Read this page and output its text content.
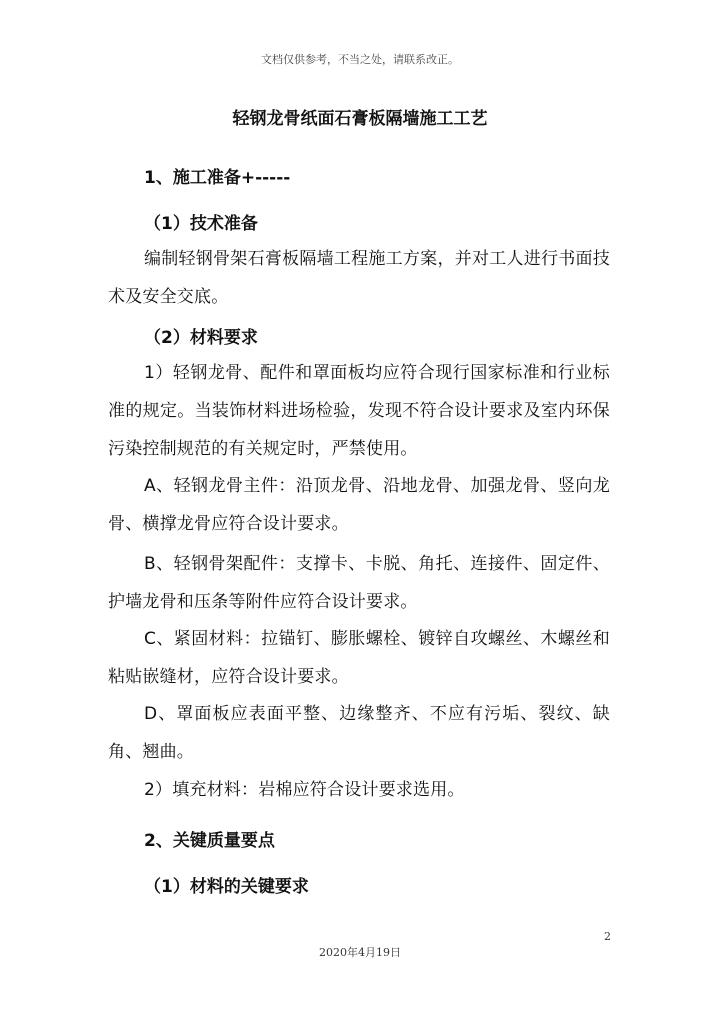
文档仅供参考，不当之处，请联系改正。
轻钢龙骨纸面石膏板隔墙施工工艺
1、施工准备+-----
（1）技术准备
编制轻钢骨架石膏板隔墙工程施工方案，并对工人进行书面技术及安全交底。
（2）材料要求
1）轻钢龙骨、配件和罩面板均应符合现行国家标准和行业标准的规定。当装饰材料进场检验，发现不符合设计要求及室内环保污染控制规范的有关规定时，严禁使用。
A、轻钢龙骨主件：沿顶龙骨、沿地龙骨、加强龙骨、竖向龙骨、横撑龙骨应符合设计要求。
B、轻钢骨架配件：支撑卡、卡脱、角托、连接件、固定件、护墙龙骨和压条等附件应符合设计要求。
C、紧固材料：拉锚钉、膨胀螺栓、镀锌自攻螺丝、木螺丝和粘贴嵌缝材，应符合设计要求。
D、罩面板应表面平整、边缘整齐、不应有污垢、裂纹、缺角、翘曲。
2）填充材料：岩棉应符合设计要求选用。
2、关键质量要点
（1）材料的关键要求
2
2020年4月19日
